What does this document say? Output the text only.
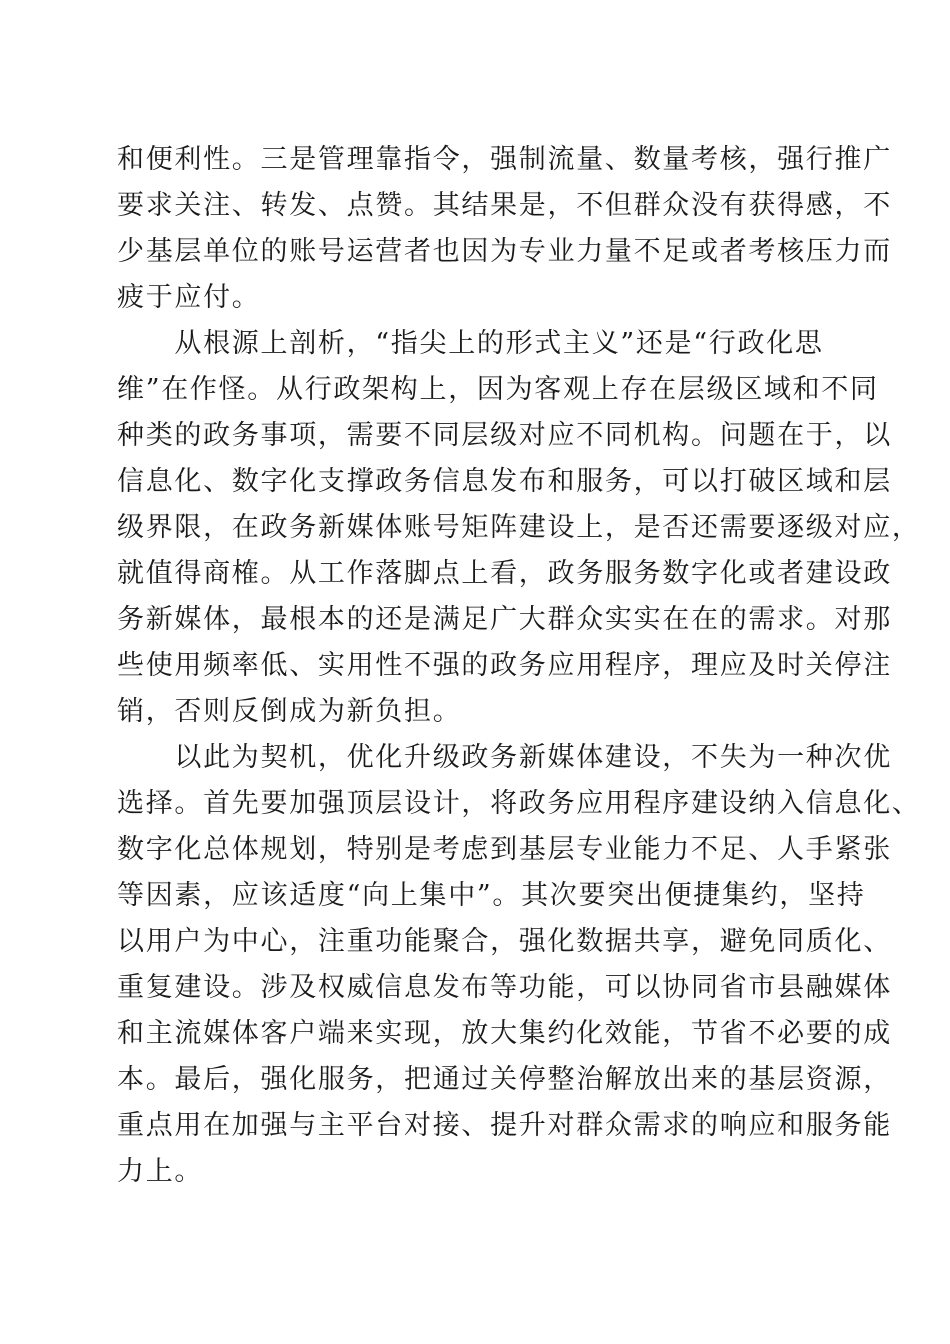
和便利性。三是管理靠指令，强制流量、数量考核，强行推广
要求关注、转发、点赞。其结果是，不但群众没有获得感，不
少基层单位的账号运营者也因为专业力量不足或者考核压力而
疲于应付。
　　从根源上剖析，“指尖上的形式主义”还是“行政化思
维”在作怪。从行政架构上，因为客观上存在层级区域和不同
种类的政务事项，需要不同层级对应不同机构。问题在于，以
信息化、数字化支撑政务信息发布和服务，可以打破区域和层
级界限，在政务新媒体账号矩阵建设上，是否还需要逐级对应，
就值得商榷。从工作落脚点上看，政务服务数字化或者建设政
务新媒体，最根本的还是满足广大群众实实在在的需求。对那
些使用频率低、实用性不强的政务应用程序，理应及时关停注
销，否则反倒成为新负担。
　　以此为契机，优化升级政务新媒体建设，不失为一种次优
选择。首先要加强顶层设计，将政务应用程序建设纳入信息化、
数字化总体规划，特别是考虑到基层专业能力不足、人手紧张
等因素，应该适度“向上集中”。其次要突出便捷集约，坚持
以用户为中心，注重功能聚合，强化数据共享，避免同质化、
重复建设。涉及权威信息发布等功能，可以协同省市县融媒体
和主流媒体客户端来实现，放大集约化效能，节省不必要的成
本。最后，强化服务，把通过关停整治解放出来的基层资源，
重点用在加强与主平台对接、提升对群众需求的响应和服务能
力上。
